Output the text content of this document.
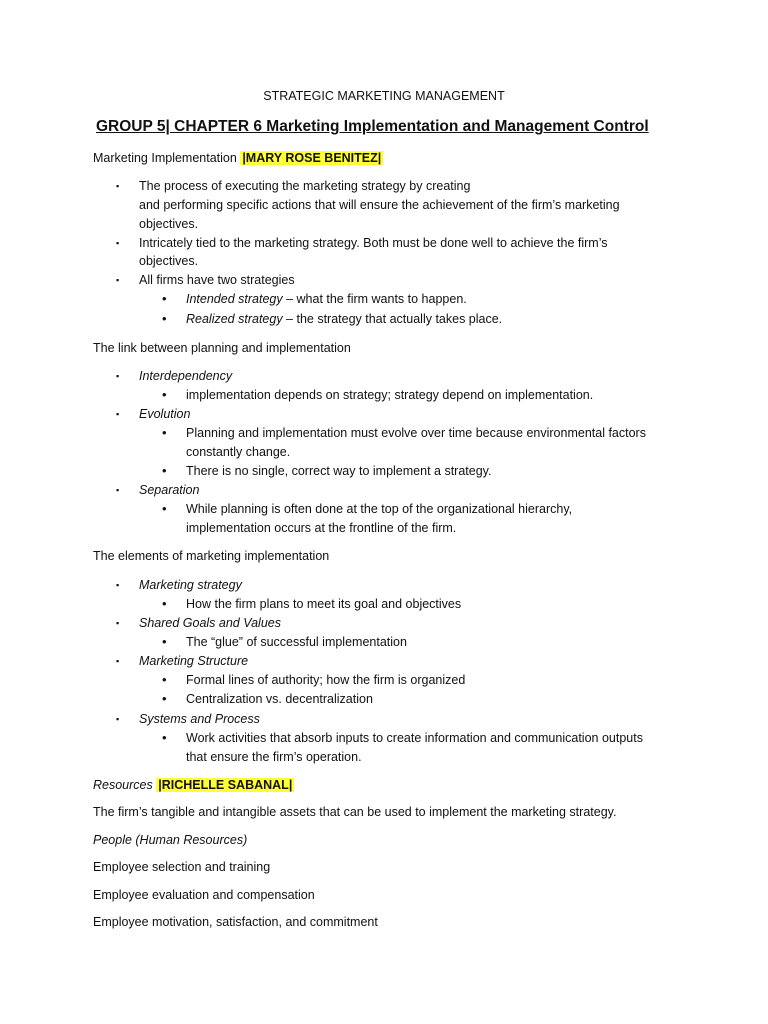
STRATEGIC MARKETING MANAGEMENT
GROUP 5| CHAPTER 6 Marketing Implementation and Management Control
Marketing Implementation |MARY ROSE BENITEZ|
▪ The process of executing the marketing strategy by creating
and performing specific actions that will ensure the achievement of the firm’s marketing
objectives.
▪ Intricately tied to the marketing strategy. Both must be done well to achieve the firm’s
objectives.
▪ All firms have two strategies
• Intended strategy – what the firm wants to happen.
• Realized strategy – the strategy that actually takes place.
The link between planning and implementation
▪ Interdependency
• implementation depends on strategy; strategy depend on implementation.
▪ Evolution
• Planning and implementation must evolve over time because environmental factors
constantly change.
• There is no single, correct way to implement a strategy.
▪ Separation
• While planning is often done at the top of the organizational hierarchy,
implementation occurs at the frontline of the firm.
The elements of marketing implementation
▪ Marketing strategy
• How the firm plans to meet its goal and objectives
▪ Shared Goals and Values
• The “glue” of successful implementation
▪ Marketing Structure
• Formal lines of authority; how the firm is organized
• Centralization vs. decentralization
▪ Systems and Process
• Work activities that absorb inputs to create information and communication outputs
that ensure the firm’s operation.
Resources |RICHELLE SABANAL|
The firm’s tangible and intangible assets that can be used to implement the marketing strategy.
People (Human Resources)
Employee selection and training
Employee evaluation and compensation
Employee motivation, satisfaction, and commitment
